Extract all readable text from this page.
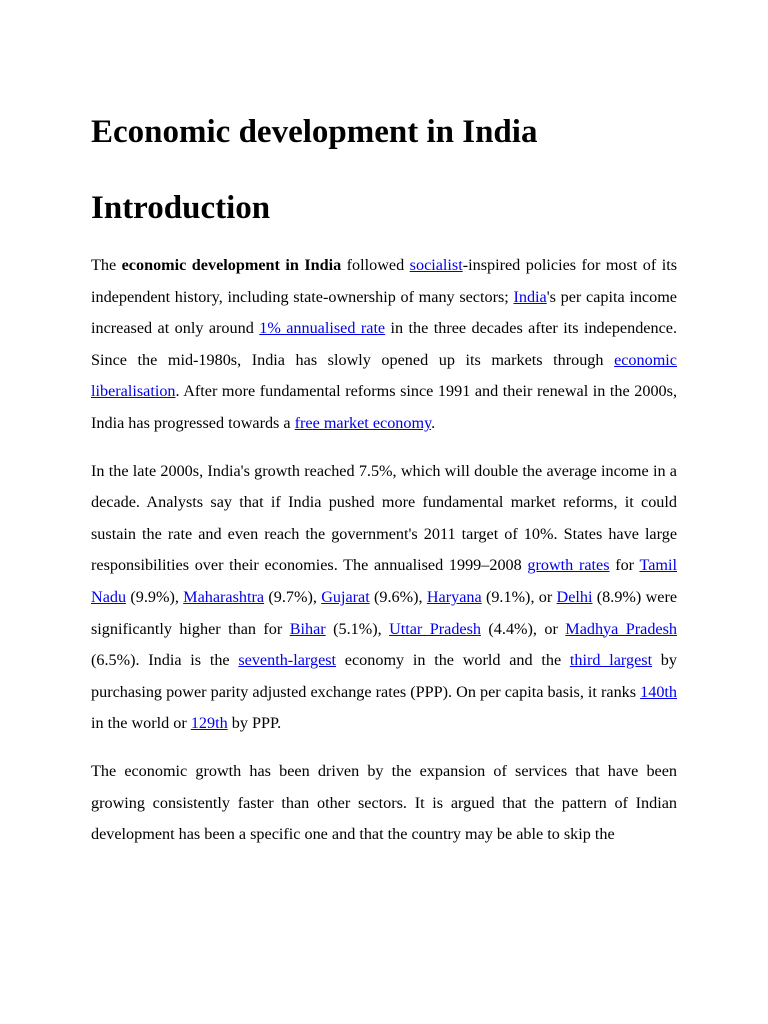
Economic development in India
Introduction

The economic development in India followed socialist-inspired policies for most of its independent history, including state-ownership of many sectors; India's per capita income increased at only around 1% annualised rate in the three decades after its independence. Since the mid-1980s, India has slowly opened up its markets through economic liberalisation. After more fundamental reforms since 1991 and their renewal in the 2000s, India has progressed towards a free market economy.

In the late 2000s, India's growth reached 7.5%, which will double the average income in a decade. Analysts say that if India pushed more fundamental market reforms, it could sustain the rate and even reach the government's 2011 target of 10%. States have large responsibilities over their economies. The annualised 1999–2008 growth rates for Tamil Nadu (9.9%), Maharashtra (9.7%), Gujarat (9.6%), Haryana (9.1%), or Delhi (8.9%) were significantly higher than for Bihar (5.1%), Uttar Pradesh (4.4%), or Madhya Pradesh (6.5%). India is the seventh-largest economy in the world and the third largest by purchasing power parity adjusted exchange rates (PPP). On per capita basis, it ranks 140th in the world or 129th by PPP.

The economic growth has been driven by the expansion of services that have been growing consistently faster than other sectors. It is argued that the pattern of Indian development has been a specific one and that the country may be able to skip the
